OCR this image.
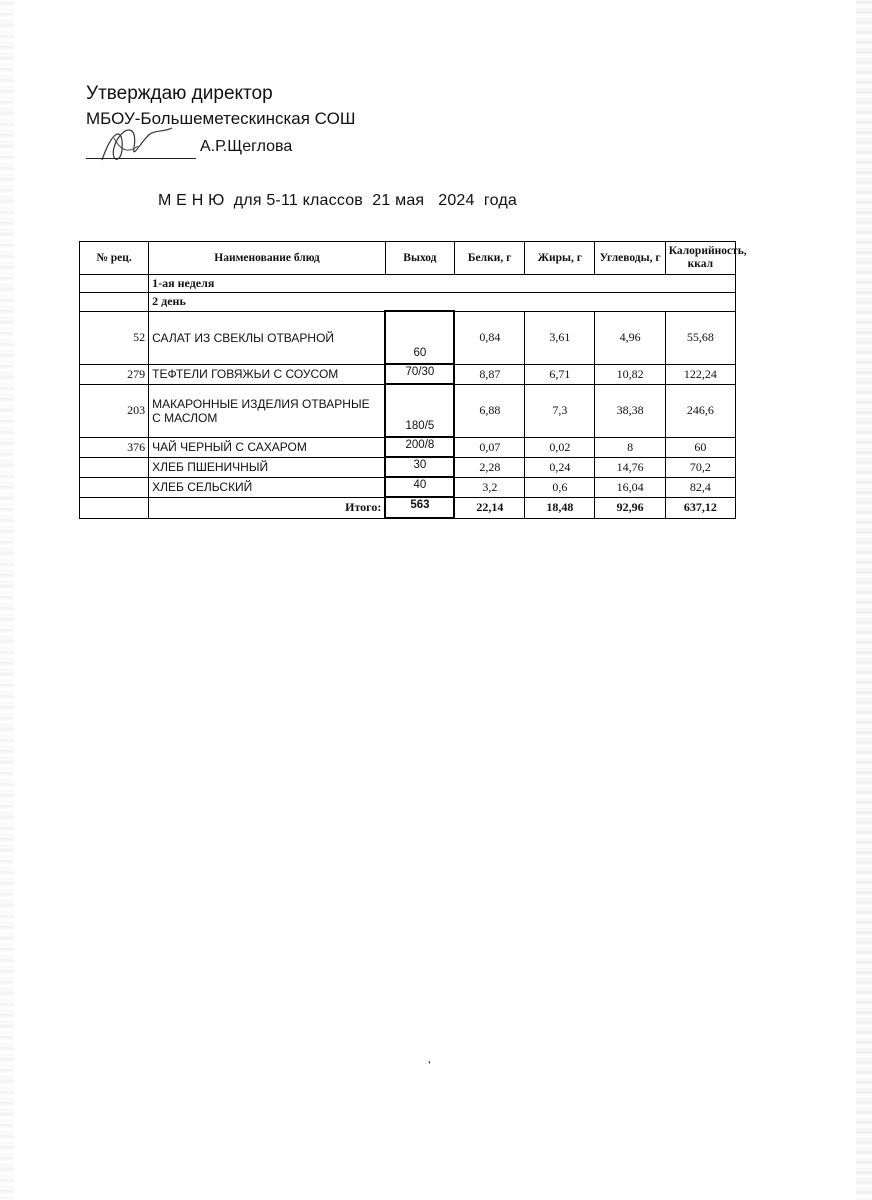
Утверждаю директор
МБОУ-Большеметескинская СОШ
А.Р.Щеглова
М Е Н Ю  для 5-11 классов  21 мая   2024  года
№ рец.	Наименование блюд	Выход	Белки, г	Жиры, г	Углеводы, г	Калорийность, ккал
	1-ая неделя					
	2 день					
52	САЛАТ ИЗ СВЕКЛЫ ОТВАРНОЙ	60	0,84	3,61	4,96	55,68
279	ТЕФТЕЛИ ГОВЯЖЬИ С СОУСОМ	70/30	8,87	6,71	10,82	122,24
203	МАКАРОННЫЕ ИЗДЕЛИЯ ОТВАРНЫЕ С МАСЛОМ	180/5	6,88	7,3	38,38	246,6
376	ЧАЙ ЧЕРНЫЙ С САХАРОМ	200/8	0,07	0,02	8	60
	ХЛЕБ ПШЕНИЧНЫЙ	30	2,28	0,24	14,76	70,2
	ХЛЕБ СЕЛЬСКИЙ	40	3,2	0,6	16,04	82,4
	Итого:	563	22,14	18,48	92,96	637,12
ˈ
